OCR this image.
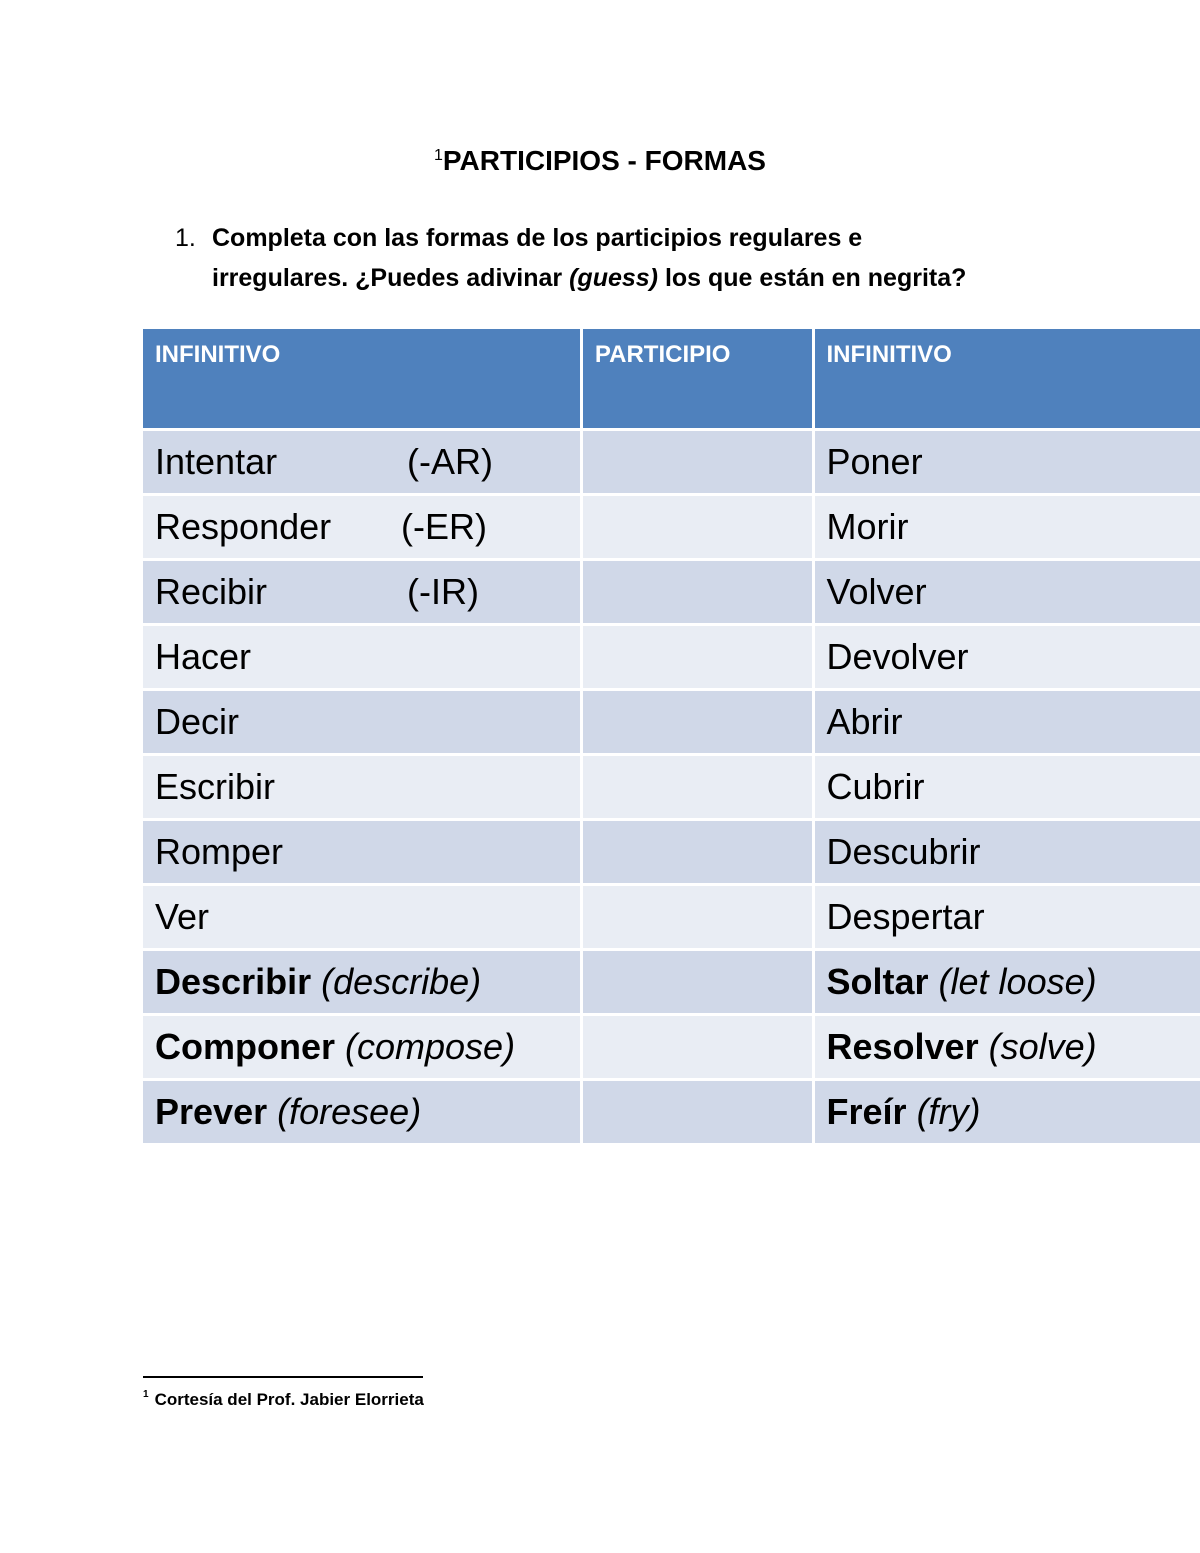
$^1$PARTICIPIOS - FORMAS
1. Completa con las formas de los participios regulares e
irregulares. ¿Puedes adivinar (guess) los que están en negrita?
INFINITIVO	PARTICIPIO	INFINITIVO

Intentar (-AR)		Poner

Responder (-ER)		Morir

Recibir (-IR)		Volver
Hacer		Devolver
Decir		Abrir
Escribir		Cubrir
Romper		Descubrir
Ver		Despertar
Describir (describe)		Soltar (let loose)
Componer (compose)		Resolver (solve)
Prever (foresee)		Freír (fry)
$^1$ Cortesía del Prof. Jabier Elorrieta
